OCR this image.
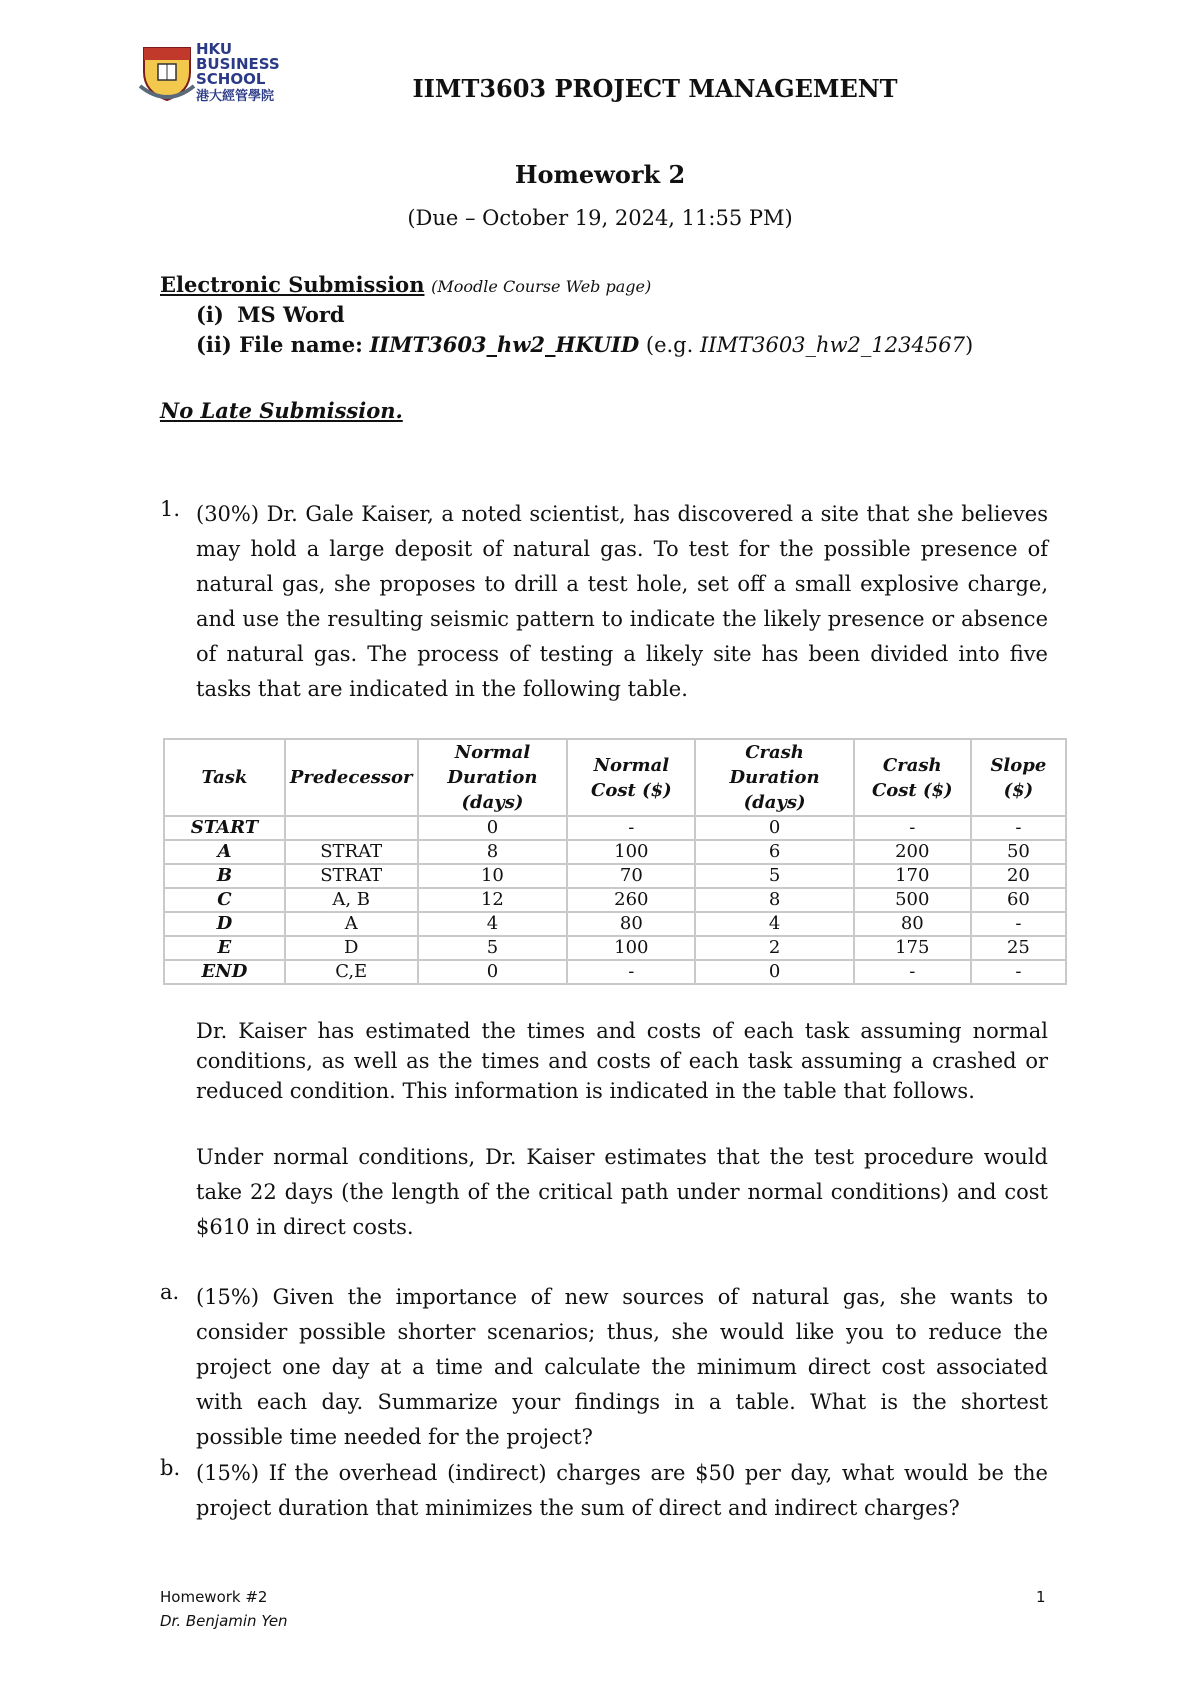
HKU
BUSINESS
SCHOOL
港大經管學院	IIMT3603 PROJECT MANAGEMENT
Homework 2
(Due – October 19, 2024, 11:55 PM)
Electronic Submission (Moodle Course Web page)
(i) MS Word
(ii) File name: IIMT3603_hw2_HKUID (e.g. IIMT3603_hw2_1234567)
No Late Submission.
1. (30%) Dr. Gale Kaiser, a noted scientist, has discovered a site that she believes may hold a large deposit of natural gas. To test for the possible presence of natural gas, she proposes to drill a test hole, set off a small explosive charge, and use the resulting seismic pattern to indicate the likely presence or absence of natural gas. The process of testing a likely site has been divided into five tasks that are indicated in the following table.
Task	Predecessor	Normal Duration (days)	Normal Cost ($)	Crash Duration (days)	Crash Cost ($)	Slope ($)
START		0	-	0	-	-
A	STRAT	8	100	6	200	50
B	STRAT	10	70	5	170	20
C	A, B	12	260	8	500	60
D	A	4	80	4	80	-
E	D	5	100	2	175	25
END	C,E	0	-	0	-	-
Dr. Kaiser has estimated the times and costs of each task assuming normal conditions, as well as the times and costs of each task assuming a crashed or reduced condition. This information is indicated in the table that follows.
Under normal conditions, Dr. Kaiser estimates that the test procedure would take 22 days (the length of the critical path under normal conditions) and cost $610 in direct costs.
a. (15%) Given the importance of new sources of natural gas, she wants to consider possible shorter scenarios; thus, she would like you to reduce the project one day at a time and calculate the minimum direct cost associated with each day. Summarize your findings in a table. What is the shortest possible time needed for the project?
b. (15%) If the overhead (indirect) charges are $50 per day, what would be the project duration that minimizes the sum of direct and indirect charges?
Homework #2
Dr. Benjamin Yen
1
